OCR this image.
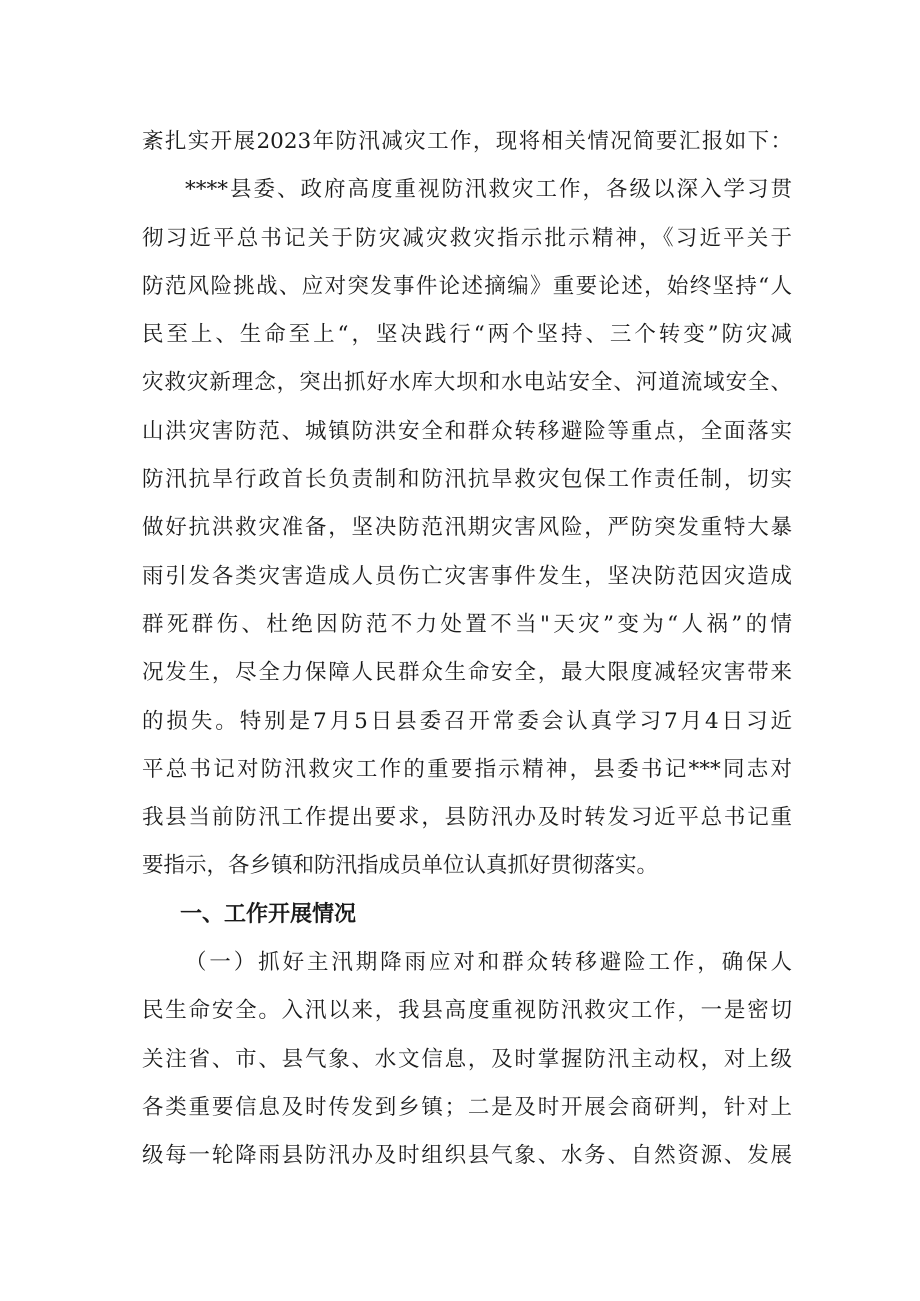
紊扎实开展2023年防汛减灾工作，现将相关情况简要汇报如下：
****县委、政府高度重视防汛救灾工作，各级以深入学习贯
彻习近平总书记关于防灾减灾救灾指示批示精神，《习近平关于
防范风险挑战、应对突发事件论述摘编》重要论述，始终坚持“人
民至上、生命至上“，坚决践行“两个坚持、三个转变”防灾减
灾救灾新理念，突出抓好水库大坝和水电站安全、河道流域安全、
山洪灾害防范、城镇防洪安全和群众转移避险等重点，全面落实
防汛抗旱行政首长负责制和防汛抗旱救灾包保工作责任制，切实
做好抗洪救灾准备，坚决防范汛期灾害风险，严防突发重特大暴
雨引发各类灾害造成人员伤亡灾害事件发生，坚决防范因灾造成
群死群伤、杜绝因防范不力处置不当"天灾”变为“人祸”的情
况发生，尽全力保障人民群众生命安全，最大限度减轻灾害带来
的损失。特别是7月5日县委召开常委会认真学习7月4日习近
平总书记对防汛救灾工作的重要指示精神，县委书记***同志对
我县当前防汛工作提出要求，县防汛办及时转发习近平总书记重
要指示，各乡镇和防汛指成员单位认真抓好贯彻落实。
一、工作开展情况
（一）抓好主汛期降雨应对和群众转移避险工作，确保人
民生命安全。入汛以来，我县高度重视防汛救灾工作，一是密切
关注省、市、县气象、水文信息，及时掌握防汛主动权，对上级
各类重要信息及时传发到乡镇；二是及时开展会商研判，针对上
级每一轮降雨县防汛办及时组织县气象、水务、自然资源、发展
